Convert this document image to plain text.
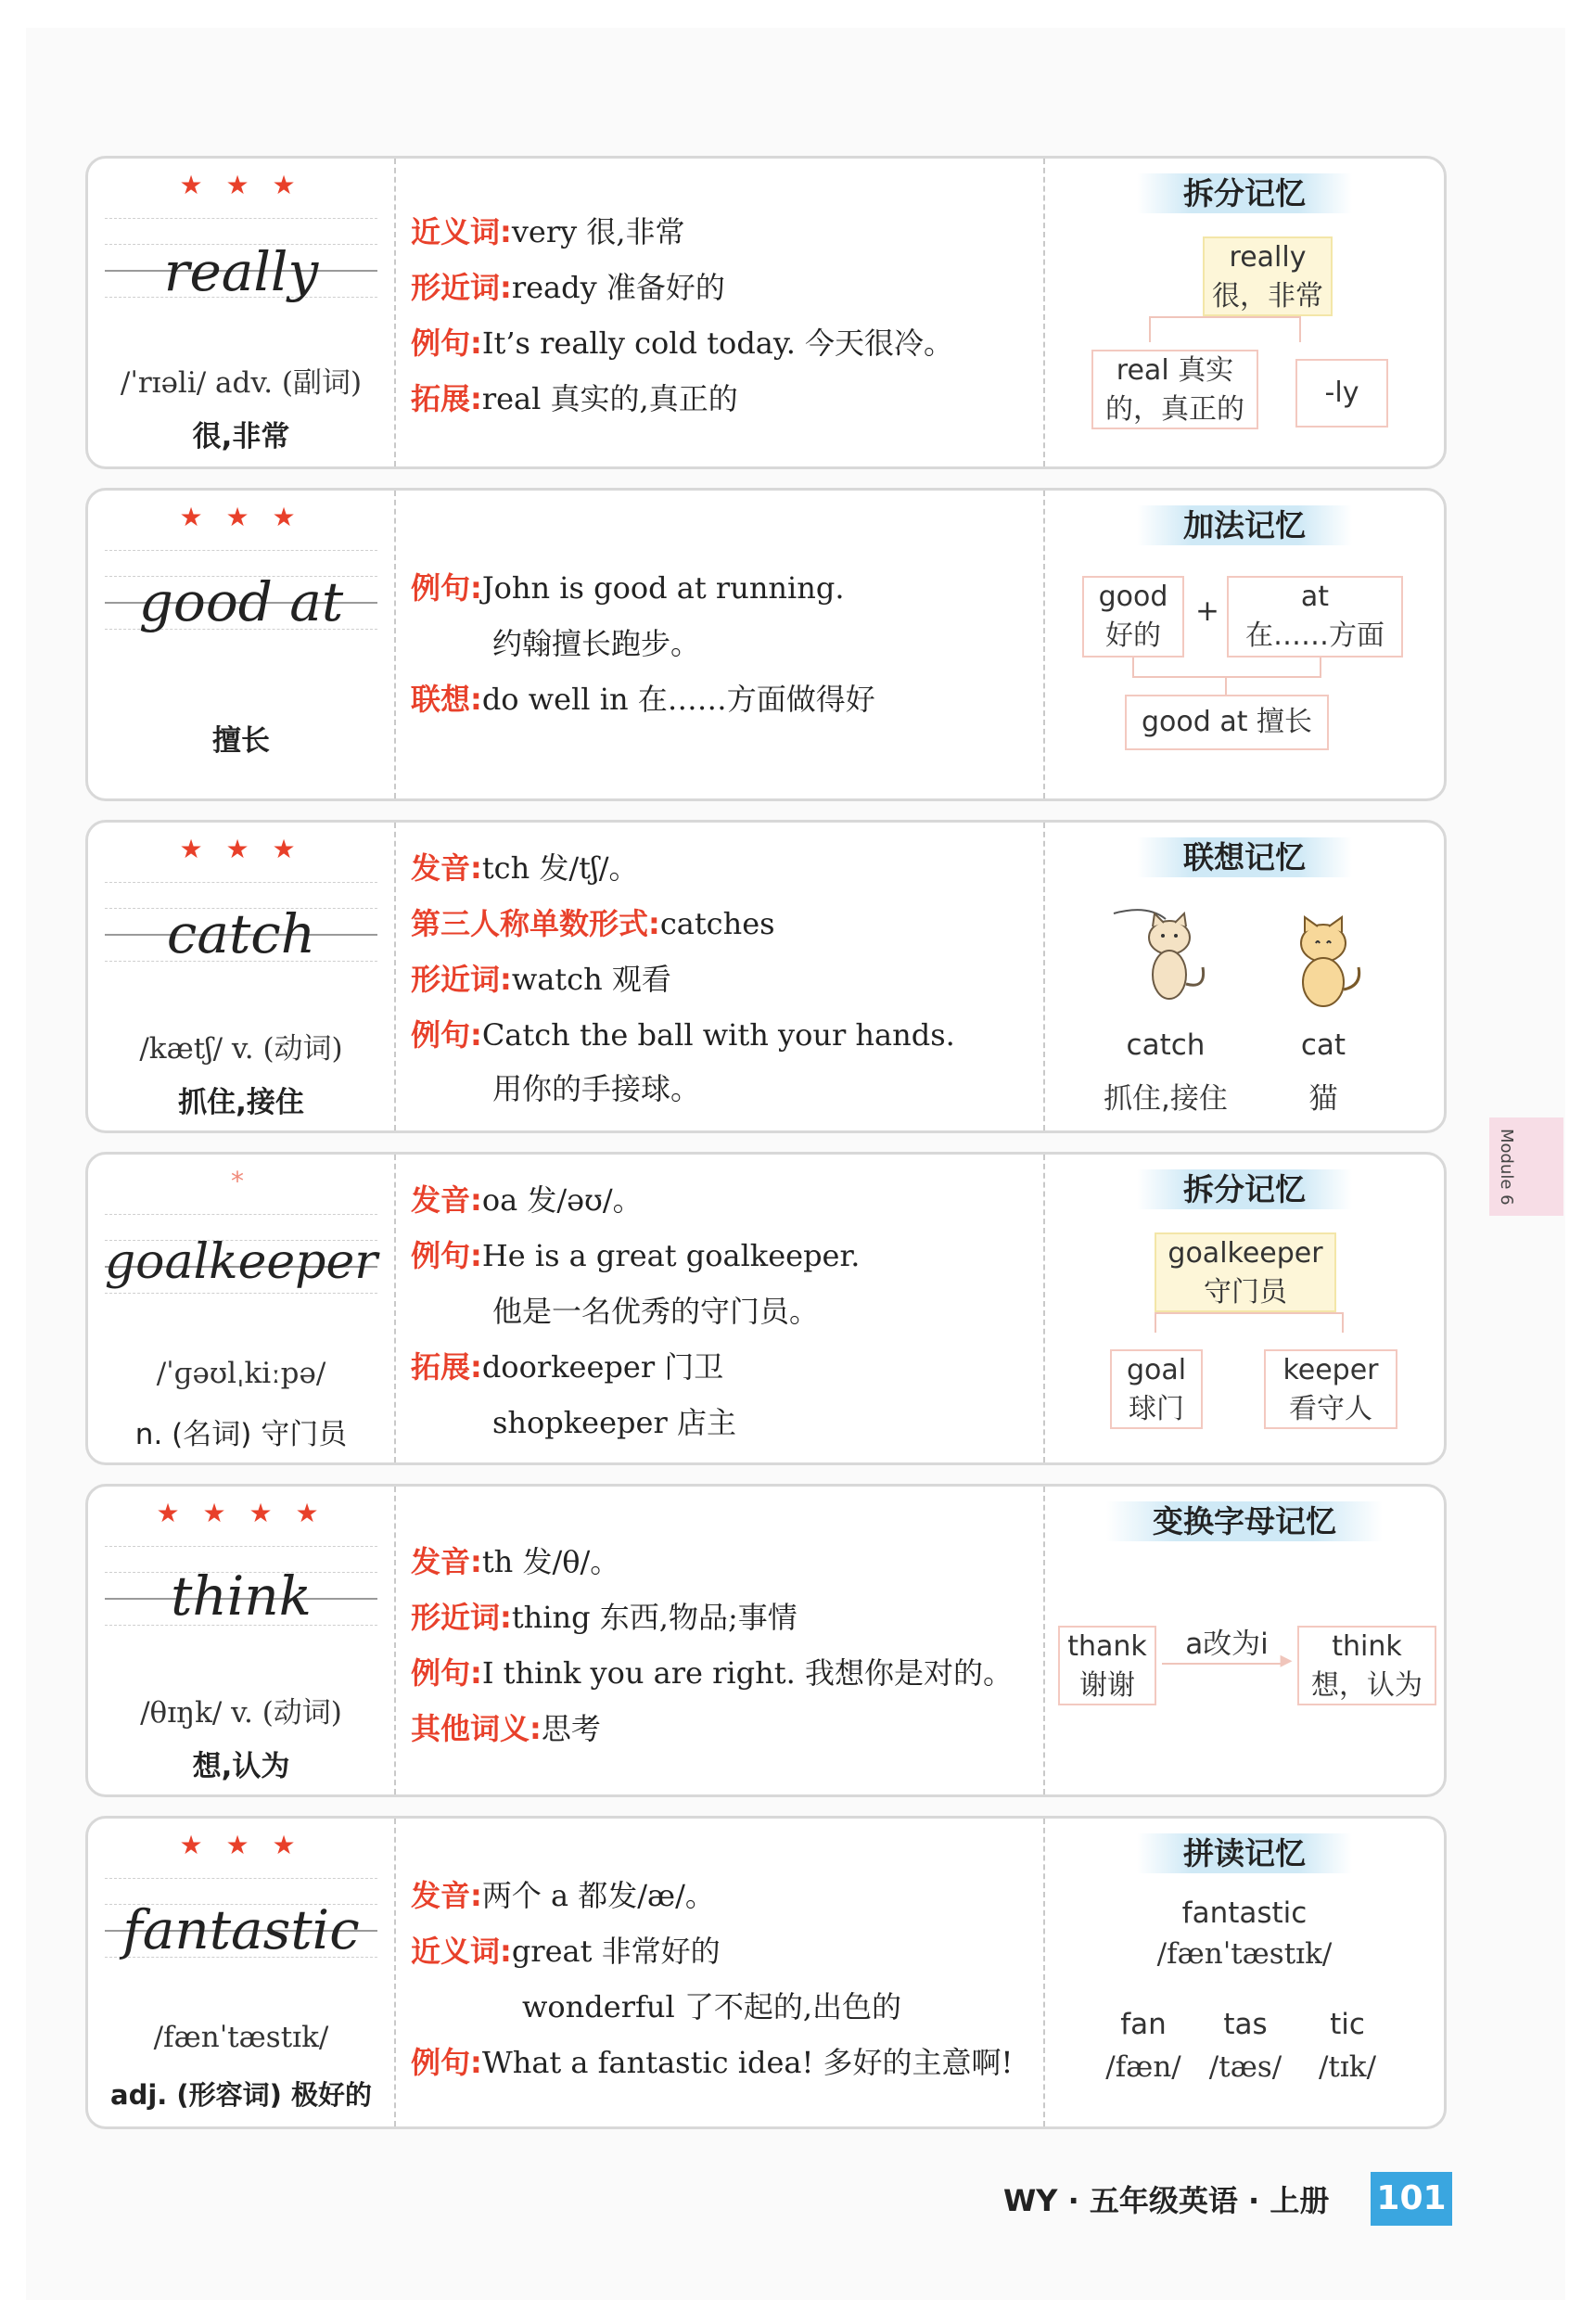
★ ★ ★
really
/ˈrɪəli/ adv. (副词)
很,非常
近义词:very 很,非常
形近词:ready 准备好的
例句:It’s really cold today. 今天很冷。
拓展:real 真实的,真正的
拆分记忆
really
很，非常
real 真实
的，真正的
-ly
★ ★ ★
good at
擅长
例句:John is good at running.
约翰擅长跑步。
联想:do well in 在……方面做得好
加法记忆
good
好的
+	at
在……方面
good at 擅长
★ ★ ★
catch
/kætʃ/ v. (动词)
抓住,接住
发音:tch 发/tʃ/。
第三人称单数形式:catches
形近词:watch 观看
例句:Catch the ball with your hands.
用你的手接球。
联想记忆
catch
抓住,接住
cat
猫
*
goalkeeper
/ˈɡəʊlˌkiːpə/
n. (名词) 守门员
发音:oa 发/əʊ/。
例句:He is a great goalkeeper.
他是一名优秀的守门员。
拓展:doorkeeper 门卫
shopkeeper 店主
拆分记忆
goalkeeper
守门员
goal
球门
keeper
看守人
★ ★ ★ ★
think
/θɪŋk/ v. (动词)
想,认为
发音:th 发/θ/。
形近词:thing 东西,物品;事情
例句:I think you are right. 我想你是对的。
其他词义:思考
变换字母记忆
thank
谢谢
a改为i ▸	think
想，认为
★ ★ ★
fantastic
/fænˈtæstɪk/
adj. (形容词) 极好的
发音:两个 a 都发/æ/。
近义词:great 非常好的
wonderful 了不起的,出色的
例句:What a fantastic idea! 多好的主意啊!
拼读记忆
fantastic
/fænˈtæstɪk/
fan
/fæn/
tas
/tæs/
tic
/tɪk/
Module 6
WY · 五年级英语 · 上册 101
